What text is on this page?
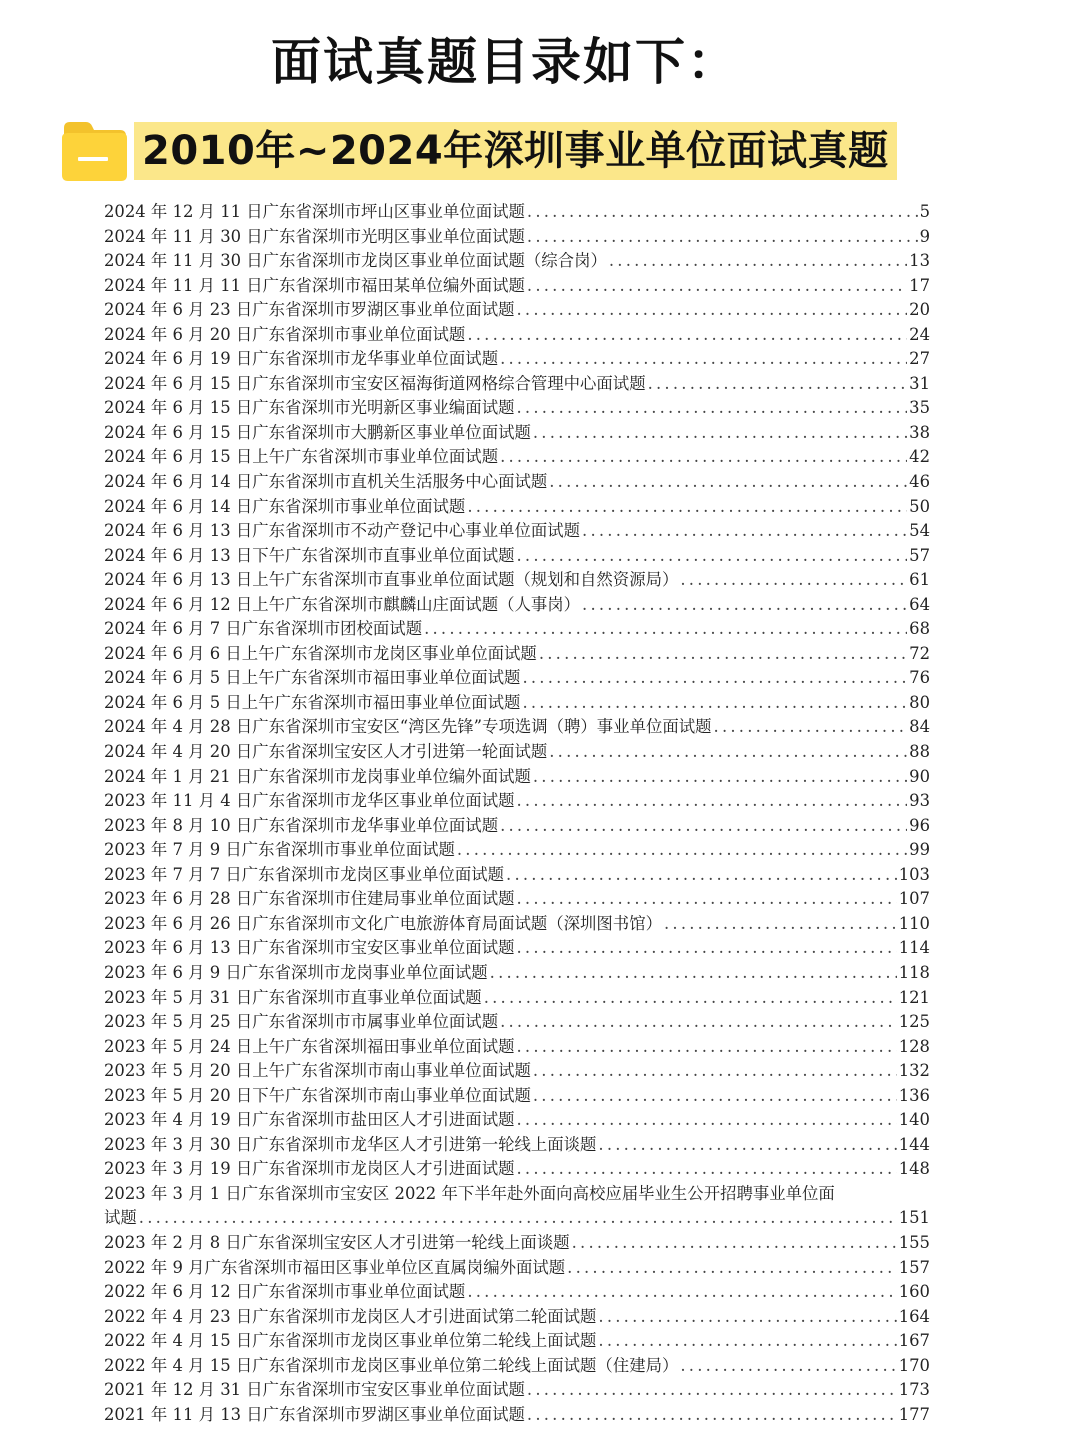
面试真题目录如下：
2010年~2024年深圳事业单位面试真题
2024 年 12 月 11 日广东省深圳市坪山区事业单位面试题 . . .	5
2024 年 11 月 30 日广东省深圳市光明区事业单位面试题 . . .	9
2024 年 11 月 30 日广东省深圳市龙岗区事业单位面试题（综合岗） . . .	13
2024 年 11 月 11 日广东省深圳市福田某单位编外面试题 . . .	17
2024 年 6 月 23 日广东省深圳市罗湖区事业单位面试题 . . .	20
2024 年 6 月 20 日广东省深圳市事业单位面试题 . . .	24
2024 年 6 月 19 日广东省深圳市龙华事业单位面试题 . . .	27
2024 年 6 月 15 日广东省深圳市宝安区福海街道网格综合管理中心面试题 . . .	31
2024 年 6 月 15 日广东省深圳市光明新区事业编面试题 . . .	35
2024 年 6 月 15 日广东省深圳市大鹏新区事业单位面试题 . . .	38
2024 年 6 月 15 日上午广东省深圳市事业单位面试题 . . .	42
2024 年 6 月 14 日广东省深圳市直机关生活服务中心面试题 . . .	46
2024 年 6 月 14 日广东省深圳市事业单位面试题 . . .	50
2024 年 6 月 13 日广东省深圳市不动产登记中心事业单位面试题 . . .	54
2024 年 6 月 13 日下午广东省深圳市直事业单位面试题 . . .	57
2024 年 6 月 13 日上午广东省深圳市直事业单位面试题（规划和自然资源局） . . .	61
2024 年 6 月 12 日上午广东省深圳市麒麟山庄面试题（人事岗） . . .	64
2024 年 6 月 7 日广东省深圳市团校面试题 . . .	68
2024 年 6 月 6 日上午广东省深圳市龙岗区事业单位面试题 . . .	72
2024 年 6 月 5 日上午广东省深圳市福田事业单位面试题 . . .	76
2024 年 6 月 5 日上午广东省深圳市福田事业单位面试题 . . .	80
2024 年 4 月 28 日广东省深圳市宝安区“湾区先锋”专项选调（聘）事业单位面试题 . . .	84
2024 年 4 月 20 日广东省深圳宝安区人才引进第一轮面试题 . . .	88
2024 年 1 月 21 日广东省深圳市龙岗事业单位编外面试题 . . .	90
2023 年 11 月 4 日广东省深圳市龙华区事业单位面试题 . . .	93
2023 年 8 月 10 日广东省深圳市龙华事业单位面试题 . . .	96
2023 年 7 月 9 日广东省深圳市事业单位面试题 . . .	99
2023 年 7 月 7 日广东省深圳市龙岗区事业单位面试题 . . .	103
2023 年 6 月 28 日广东省深圳市住建局事业单位面试题 . . .	107
2023 年 6 月 26 日广东省深圳市文化广电旅游体育局面试题（深圳图书馆） . . .	110
2023 年 6 月 13 日广东省深圳市宝安区事业单位面试题 . . .	114
2023 年 6 月 9 日广东省深圳市龙岗事业单位面试题 . . .	118
2023 年 5 月 31 日广东省深圳市直事业单位面试题 . . .	121
2023 年 5 月 25 日广东省深圳市市属事业单位面试题 . . .	125
2023 年 5 月 24 日上午广东省深圳福田事业单位面试题 . . .	128
2023 年 5 月 20 日上午广东省深圳市南山事业单位面试题 . . .	132
2023 年 5 月 20 日下午广东省深圳市南山事业单位面试题 . . .	136
2023 年 4 月 19 日广东省深圳市盐田区人才引进面试题 . . .	140
2023 年 3 月 30 日广东省深圳市龙华区人才引进第一轮线上面谈题 . . .	144
2023 年 3 月 19 日广东省深圳市龙岗区人才引进面试题 . . .	148
2023 年 3 月 1 日广东省深圳市宝安区 2022 年下半年赴外面向高校应届毕业生公开招聘事业单位面
试题 . . .	151
2023 年 2 月 8 日广东省深圳宝安区人才引进第一轮线上面谈题 . . .	155
2022 年 9 月广东省深圳市福田区事业单位区直属岗编外面试题 . . .	157
2022 年 6 月 12 日广东省深圳市事业单位面试题 . . .	160
2022 年 4 月 23 日广东省深圳市龙岗区人才引进面试第二轮面试题 . . .	164
2022 年 4 月 15 日广东省深圳市龙岗区事业单位第二轮线上面试题 . . .	167
2022 年 4 月 15 日广东省深圳市龙岗区事业单位第二轮线上面试题（住建局） . . .	170
2021 年 12 月 31 日广东省深圳市宝安区事业单位面试题 . . .	173
2021 年 11 月 13 日广东省深圳市罗湖区事业单位面试题 . . .	177
